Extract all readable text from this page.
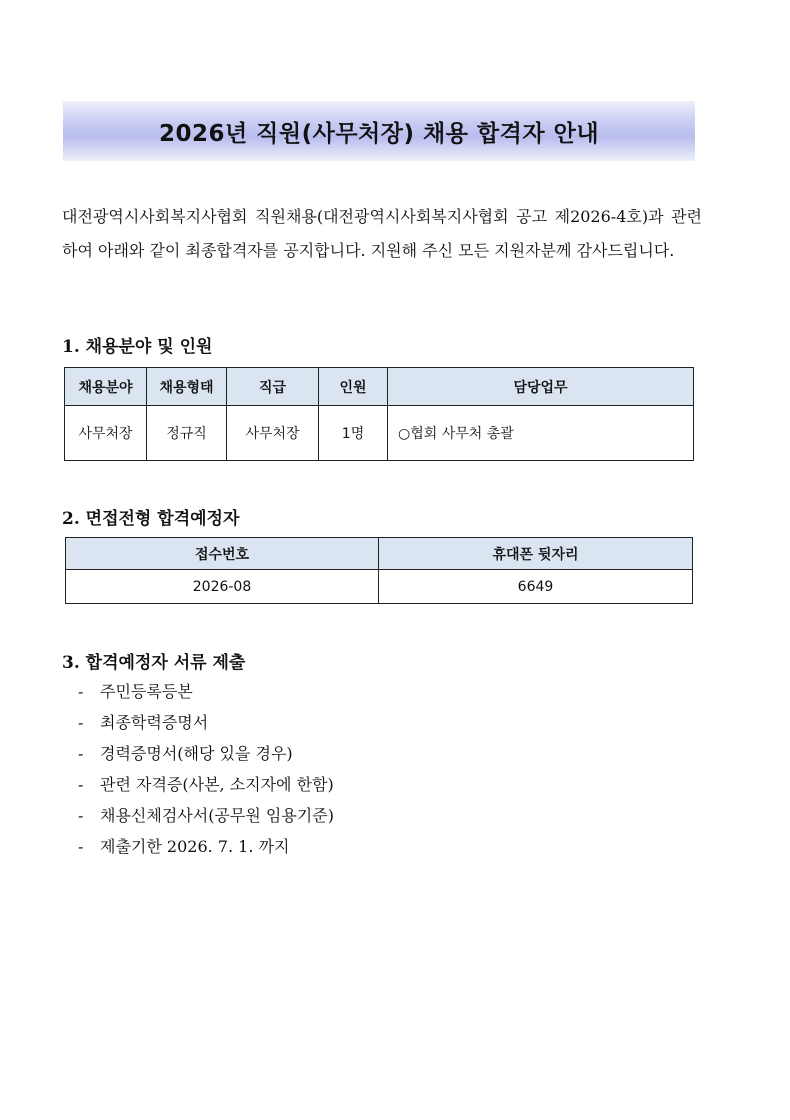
2026년 직원(사무처장) 채용 합격자 안내

대전광역시사회복지사협회 직원채용(대전광역시사회복지사협회 공고 제2026-4호)과 관련하여 아래와 같이 최종합격자를 공지합니다. 지원해 주신 모든 지원자분께 감사드립니다.

1. 채용분야 및 인원
채용분야	채용형태	직급	인원	담당업무
사무처장	정규직	사무처장	1명	○협회 사무처 총괄
2. 면접전형 합격예정자
접수번호	휴대폰 뒷자리
2026-08	6649
3. 합격예정자 서류 제출
- 주민등록등본
- 최종학력증명서
- 경력증명서(해당 있을 경우)
- 관련 자격증(사본, 소지자에 한함)
- 채용신체검사서(공무원 임용기준)
- 제출기한 2026. 7. 1. 까지
